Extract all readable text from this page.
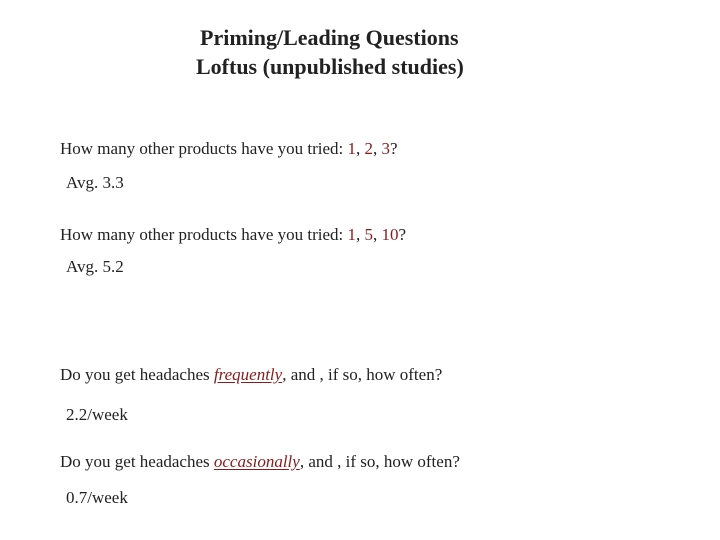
Priming/Leading Questions
Loftus (unpublished studies)
How many other products have you tried: 1, 2, 3?
Avg. 3.3
How many other products have you tried: 1, 5, 10?
Avg. 5.2
Do you get headaches frequently, and , if so, how often?
2.2/week
Do you get headaches occasionally, and , if so, how often?
0.7/week
